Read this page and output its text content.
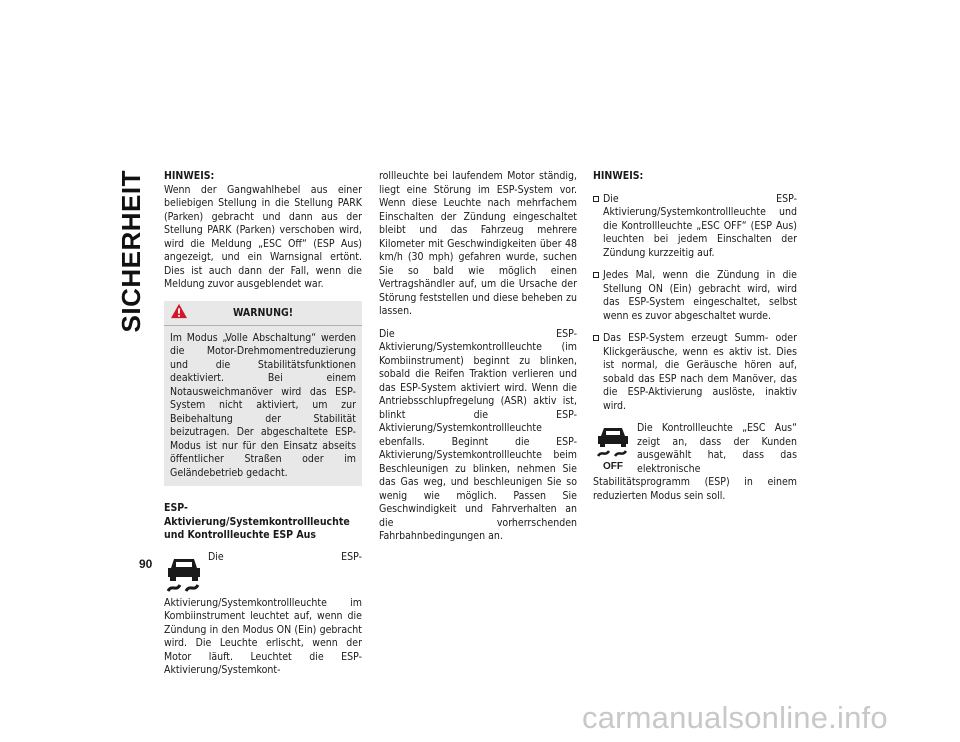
SICHERHEIT
90
HINWEIS:

Wenn der Gangwahlhebel aus einer beliebigen Stellung in die Stellung PARK (Parken) gebracht und dann aus der Stellung PARK (Parken) verschoben wird, wird die Meldung „ESC Off“ (ESP Aus) angezeigt, und ein Warnsignal ertönt. Dies ist auch dann der Fall, wenn die Meldung zuvor ausgeblendet war.

WARNUNG!
Im Modus „Volle Abschaltung“ werden die Motor-Drehmomentreduzierung und die Stabilitätsfunktionen deaktiviert. Bei einem Notausweichmanöver wird das ESP-System nicht aktiviert, um zur Beibehaltung der Stabilität beizutragen. Der abgeschaltete ESP-Modus ist nur für den Einsatz abseits öffentlicher Straßen oder im Geländebetrieb gedacht.
ESP-Aktivierung/Systemkontrollleuchte und Kontrollleuchte ESP Aus
Die ESP-Aktivierung/Systemkontrollleuchte im Kombiinstrument leuchtet auf, wenn die Zündung in den Modus ON (Ein) gebracht wird. Die Leuchte erlischt, wenn der Motor läuft. Leuchtet die ESP-Aktivierung/Systemkont-

rollleuchte bei laufendem Motor ständig, liegt eine Störung im ESP-System vor. Wenn diese Leuchte nach mehrfachem Einschalten der Zündung eingeschaltet bleibt und das Fahrzeug mehrere Kilometer mit Geschwindigkeiten über 48 km/h (30 mph) gefahren wurde, suchen Sie so bald wie möglich einen Vertragshändler auf, um die Ursache der Störung feststellen und diese beheben zu lassen.

Die ESP-Aktivierung/Systemkontrollleuchte (im Kombiinstrument) beginnt zu blinken, sobald die Reifen Traktion verlieren und das ESP-System aktiviert wird. Wenn die Antriebsschlupfregelung (ASR) aktiv ist, blinkt die ESP-Aktivierung/Systemkontrollleuchte ebenfalls. Beginnt die ESP-Aktivierung/Systemkontrollleuchte beim Beschleunigen zu blinken, nehmen Sie das Gas weg, und beschleunigen Sie so wenig wie möglich. Passen Sie Geschwindigkeit und Fahrverhalten an die vorherrschenden Fahrbahnbedingungen an.

HINWEIS:
Die ESP-Aktivierung/Systemkontrollleuchte und die Kontrollleuchte „ESC OFF“ (ESP Aus) leuchten bei jedem Einschalten der Zündung kurzzeitig auf.
Jedes Mal, wenn die Zündung in die Stellung ON (Ein) gebracht wird, wird das ESP-System eingeschaltet, selbst wenn es zuvor abgeschaltet wurde.
Das ESP-System erzeugt Summ- oder Klickgeräusche, wenn es aktiv ist. Dies ist normal, die Geräusche hören auf, sobald das ESP nach dem Manöver, das die ESP-Aktivierung auslöste, inaktiv wird.
OFF
Die Kontrollleuchte „ESC Aus“ zeigt an, dass der Kunden ausgewählt hat, dass das elektronische Stabilitätsprogramm (ESP) in einem reduzierten Modus sein soll.
carmanualsonline.info
